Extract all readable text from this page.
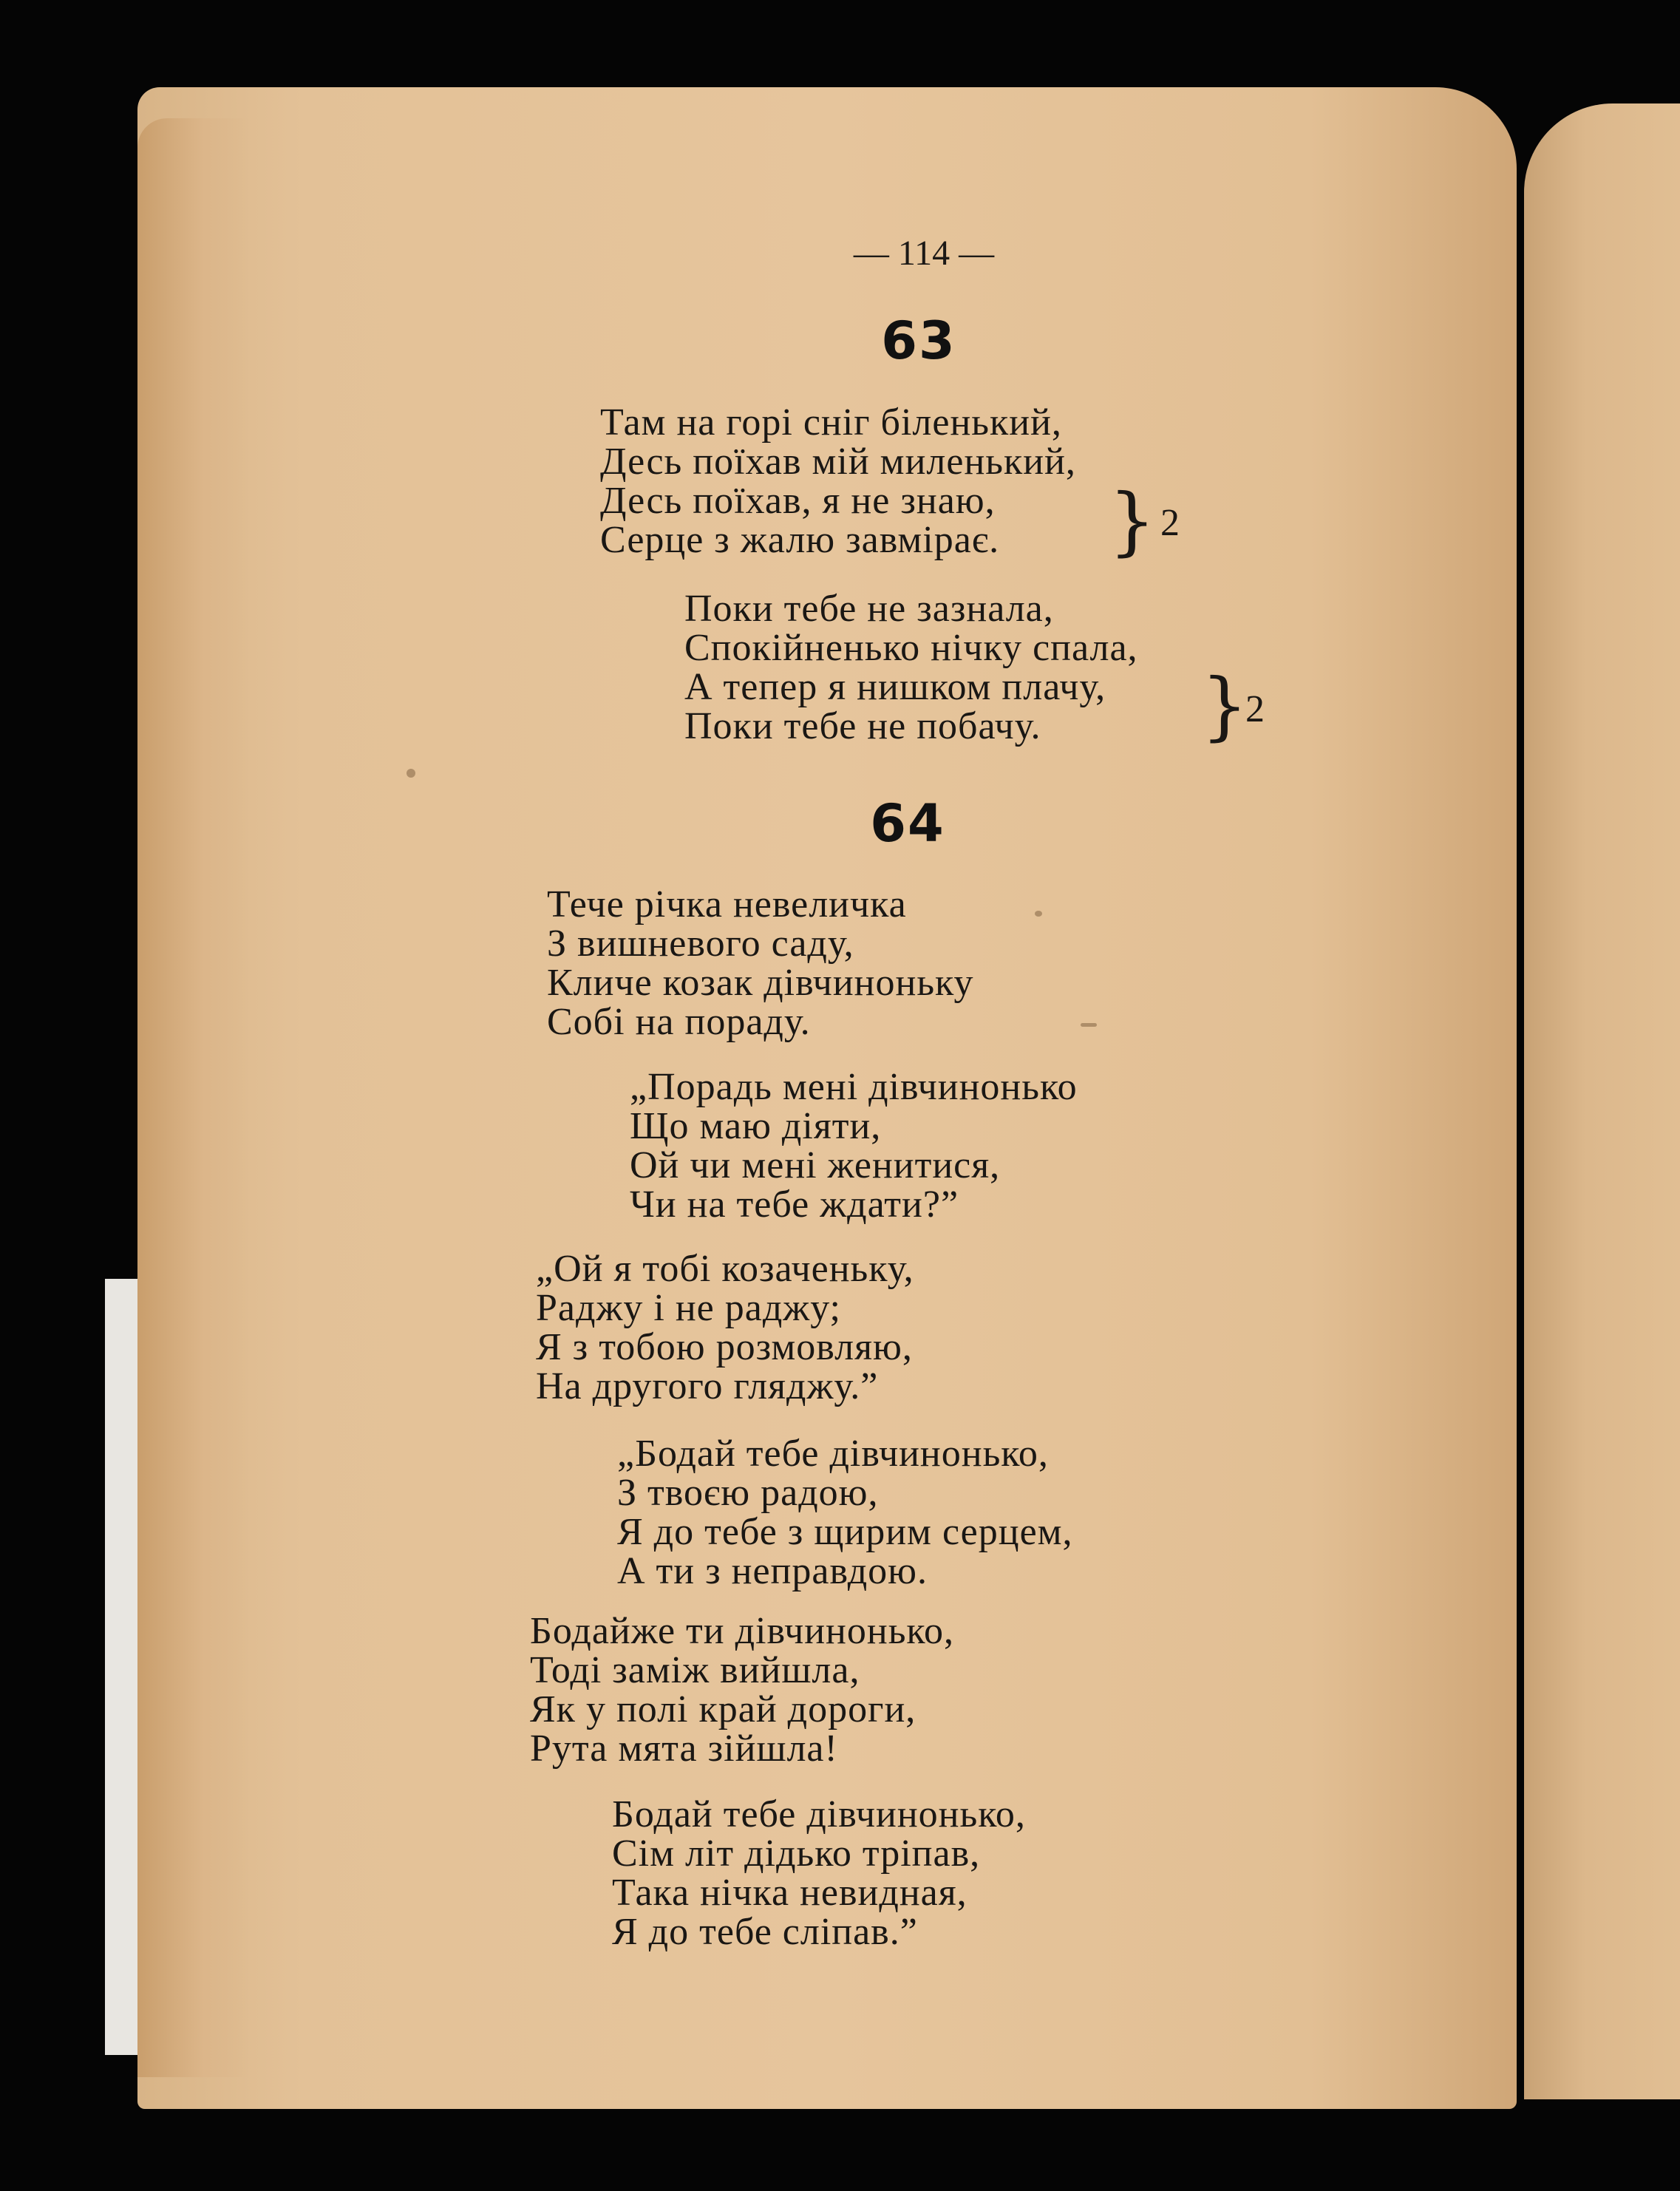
— 114 —
63
Там на горі сніг біленький,
Десь поїхав мій миленький,
Десь поїхав, я не знаю,
Серце з жалю завмірає.	} 2
Поки тебе не зазнала,
Спокійненько нічку спала,
А тепер я нишком плачу,
Поки тебе не побачу.	}
2
64
Тече річка невеличка
З вишневого саду,
Кличе козак дівчиноньку
Собі на пораду.
„Порадь мені дівчинонько
Що маю діяти,
Ой чи мені женитися,
Чи на тебе ждати?”
„Ой я тобі козаченьку,
Раджу і не раджу;
Я з тобою розмовляю,
На другого гляджу.”
„Бодай тебе дівчинонько,
З твоєю радою,
Я до тебе з щирим серцем,
А ти з неправдою.
Бодайже ти дівчинонько,
Тоді заміж вийшла,
Як у полі край дороги,
Рута мята зійшла!
Бодай тебе дівчинонько,
Сім літ дідько тріпав,
Така нічка невидная,
Я до тебе сліпав.”
